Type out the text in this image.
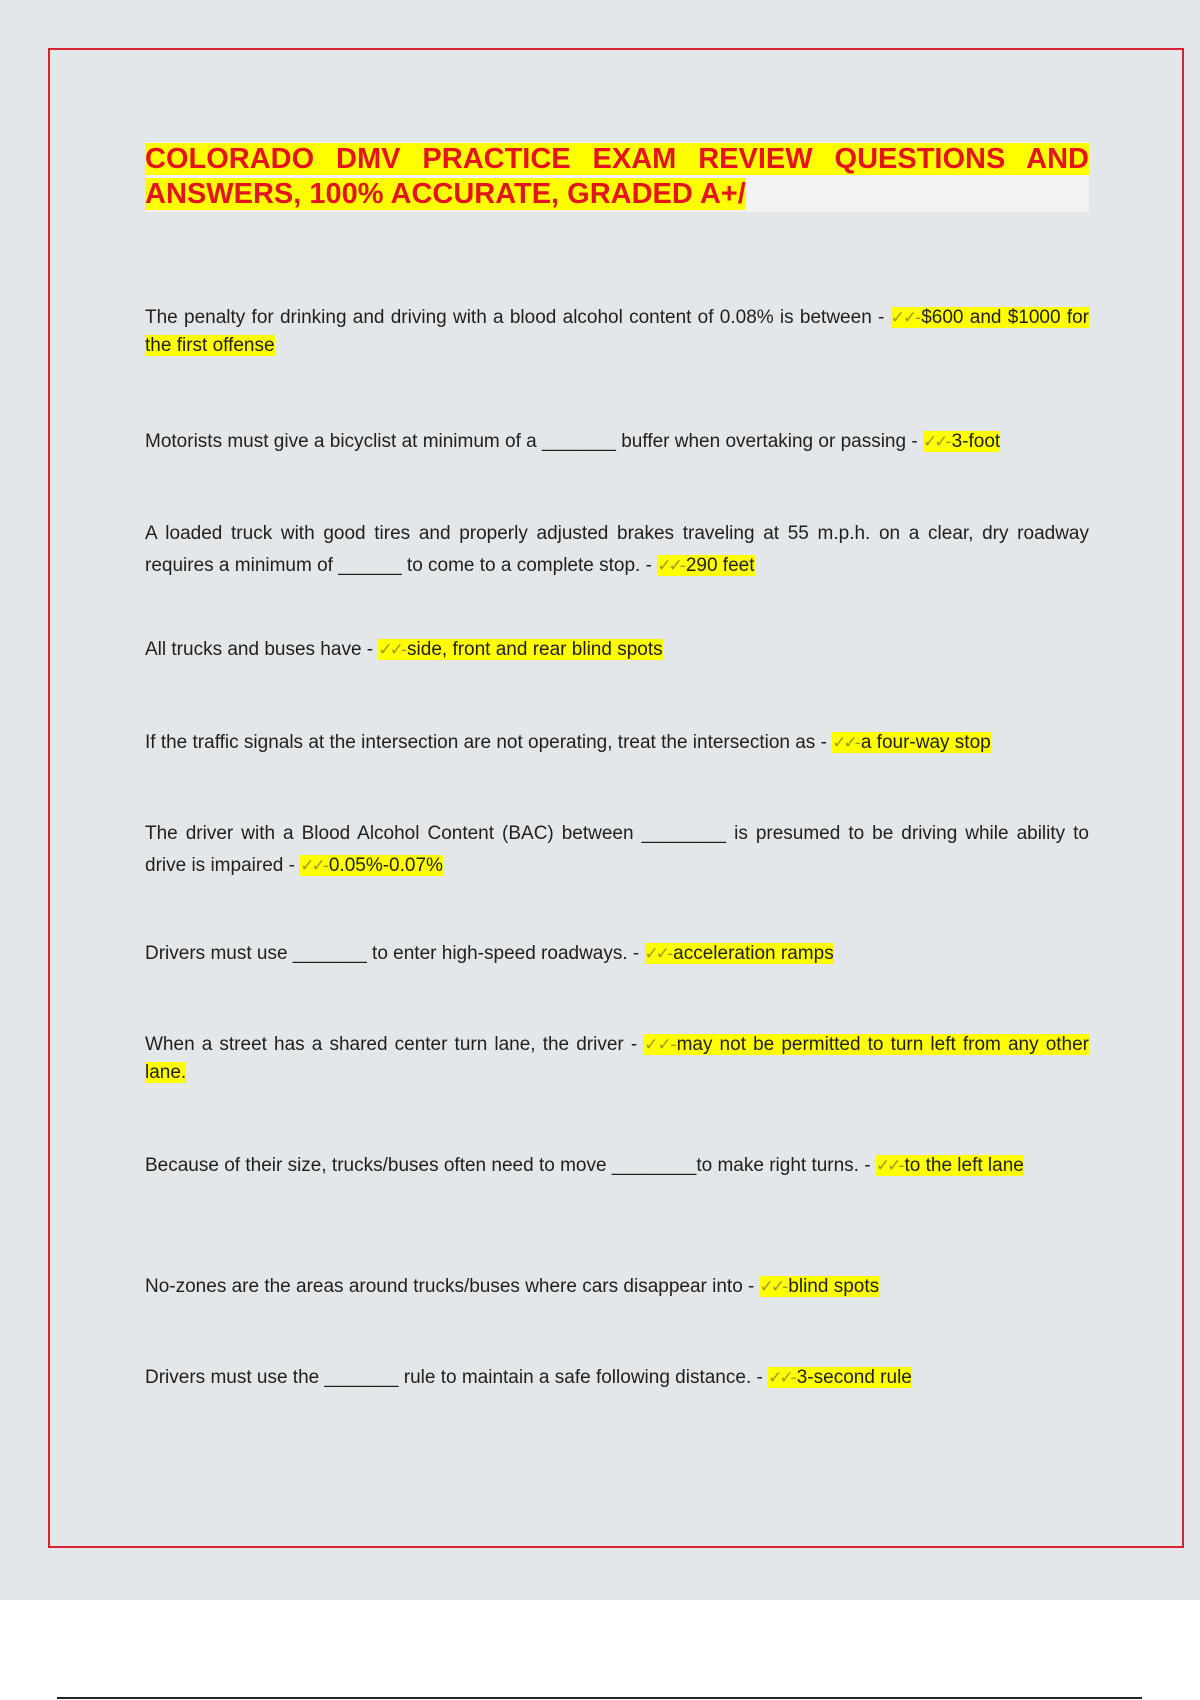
COLORADO DMV PRACTICE EXAM REVIEW QUESTIONS AND ANSWERS, 100% ACCURATE, GRADED A+/
The penalty for drinking and driving with a blood alcohol content of 0.08% is between - ✓✓- $600 and $1000 for the first offense
Motorists must give a bicyclist at minimum of a _______ buffer when overtaking or passing - ✓✓- 3-foot
A loaded truck with good tires and properly adjusted brakes traveling at 55 m.p.h. on a clear, dry roadway requires a minimum of ______ to come to a complete stop. - ✓✓- 290 feet
All trucks and buses have - ✓✓- side, front and rear blind spots
If the traffic signals at the intersection are not operating, treat the intersection as - ✓✓- a four-way stop
The driver with a Blood Alcohol Content (BAC) between ________ is presumed to be driving while ability to drive is impaired - ✓✓- 0.05%-0.07%
Drivers must use _______ to enter high-speed roadways. - ✓✓- acceleration ramps
When a street has a shared center turn lane, the driver - ✓✓- may not be permitted to turn left from any other lane.
Because of their size, trucks/buses often need to move ________to make right turns. - ✓✓- to the left lane
No-zones are the areas around trucks/buses where cars disappear into - ✓✓- blind spots
Drivers must use the _______ rule to maintain a safe following distance. - ✓✓- 3-second rule
